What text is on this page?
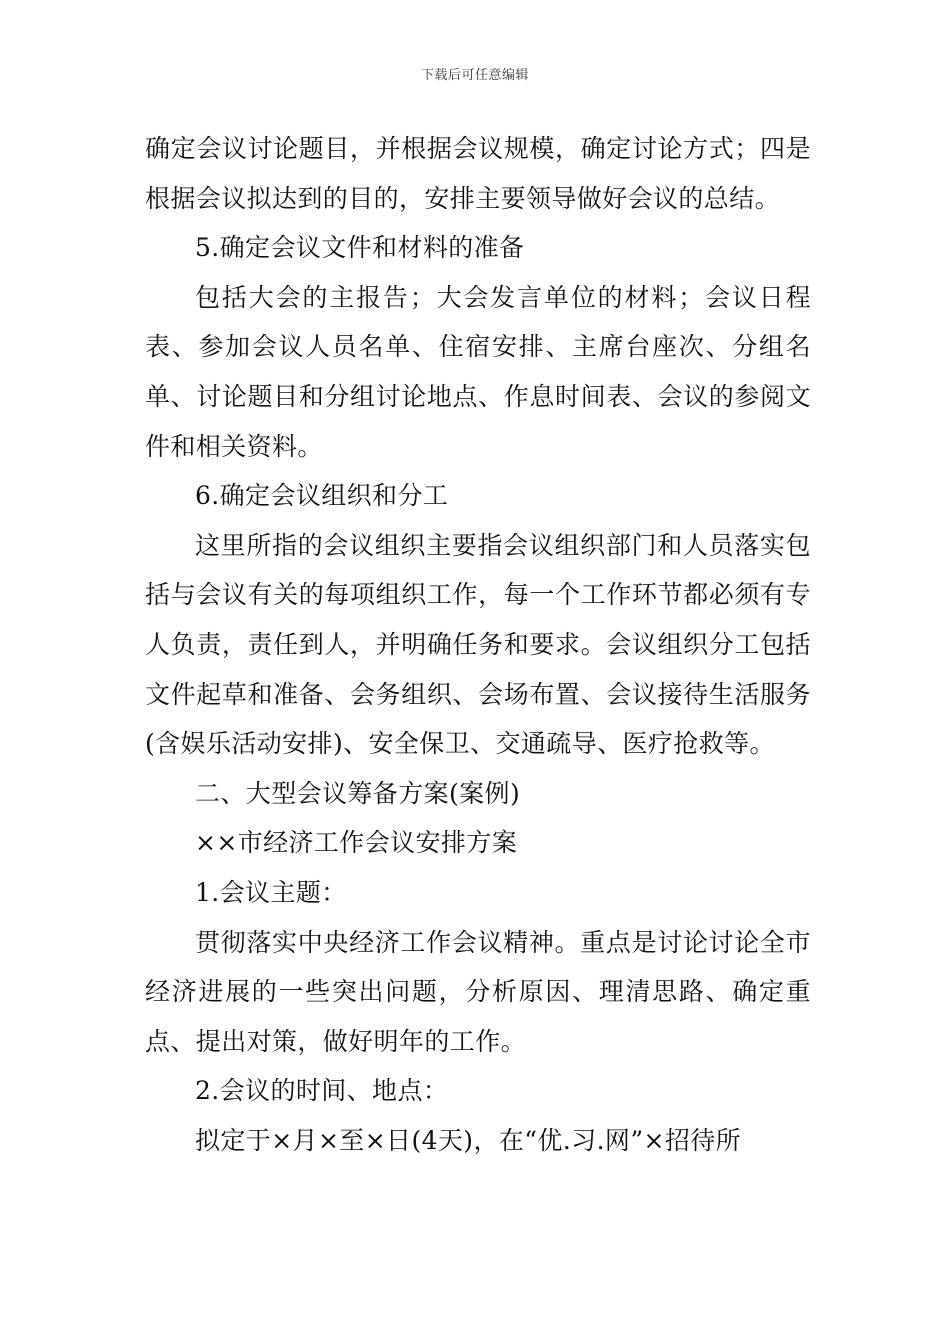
下载后可任意编辑

确定会议讨论题目，并根据会议规模，确定讨论方式；四是根据会议拟达到的目的，安排主要领导做好会议的总结。

5.确定会议文件和材料的准备

包括大会的主报告；大会发言单位的材料；会议日程表、参加会议人员名单、住宿安排、主席台座次、分组名单、讨论题目和分组讨论地点、作息时间表、会议的参阅文件和相关资料。

6.确定会议组织和分工

这里所指的会议组织主要指会议组织部门和人员落实包括与会议有关的每项组织工作，每一个工作环节都必须有专人负责，责任到人，并明确任务和要求。会议组织分工包括文件起草和准备、会务组织、会场布置、会议接待生活服务(含娱乐活动安排)、安全保卫、交通疏导、医疗抢救等。

二、大型会议筹备方案(案例)

××市经济工作会议安排方案

1.会议主题：

贯彻落实中央经济工作会议精神。重点是讨论讨论全市经济进展的一些突出问题，分析原因、理清思路、确定重点、提出对策，做好明年的工作。

2.会议的时间、地点：

拟定于×月×至×日(4天)，在“优.习.网”×招待所
